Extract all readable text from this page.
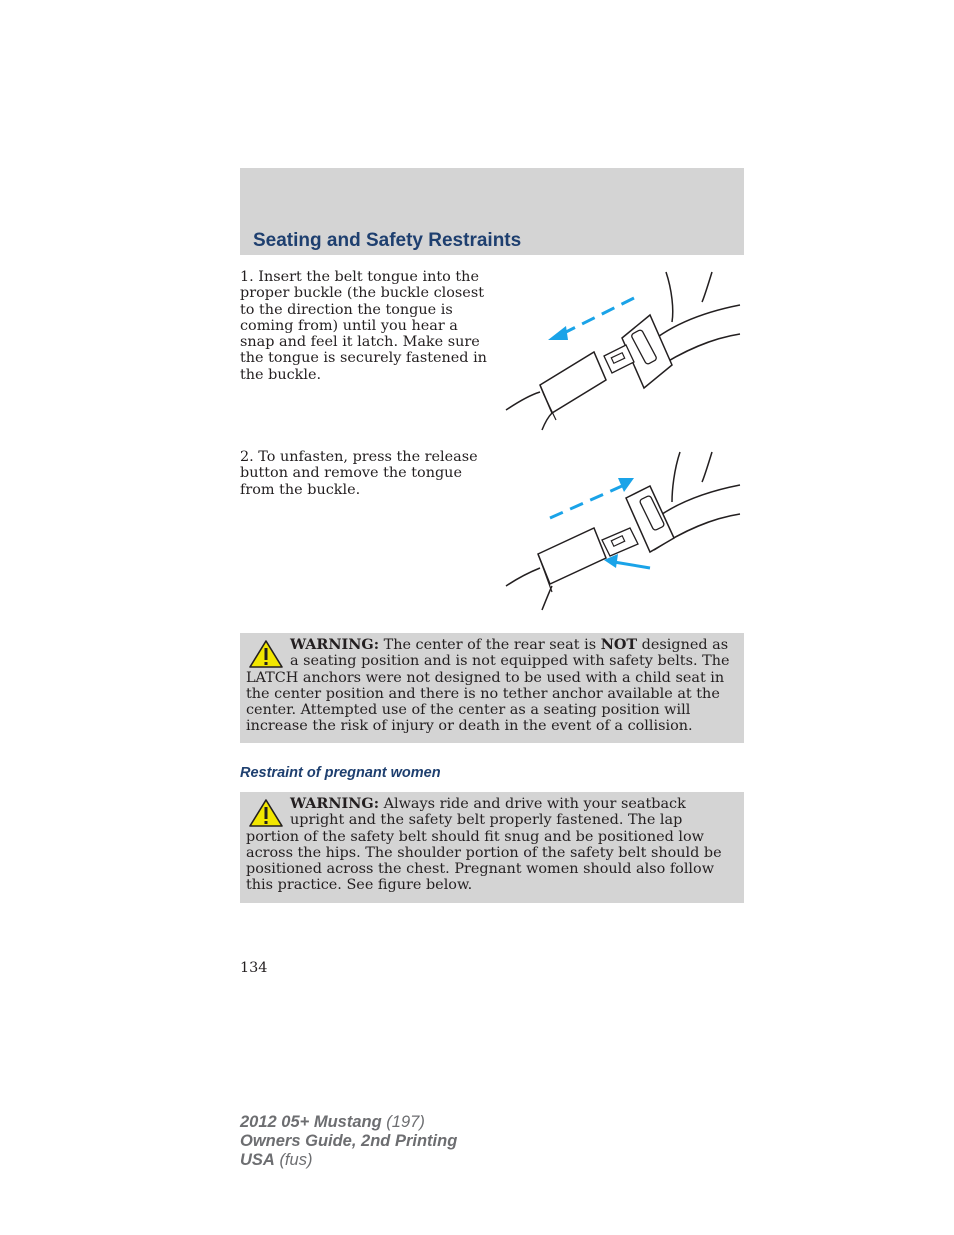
Seating and Safety Restraints

1. Insert the belt tongue into the proper buckle (the buckle closest to the direction the tongue is coming from) until you hear a snap and feel it latch. Make sure the tongue is securely fastened in the buckle.

2. To unfasten, press the release button and remove the tongue from the buckle.

WARNING: The center of the rear seat is NOT designed as a seating position and is not equipped with safety belts. The LATCH anchors were not designed to be used with a child seat in the center position and there is no tether anchor available at the center. Attempted use of the center as a seating position will increase the risk of injury or death in the event of a collision.
Restraint of pregnant women
WARNING: Always ride and drive with your seatback upright and the safety belt properly fastened. The lap portion of the safety belt should fit snug and be positioned low across the hips. The shoulder portion of the safety belt should be positioned across the chest. Pregnant women should also follow this practice. See figure below.
134
2012 05+ Mustang (197)
Owners Guide, 2nd Printing
USA (fus)
